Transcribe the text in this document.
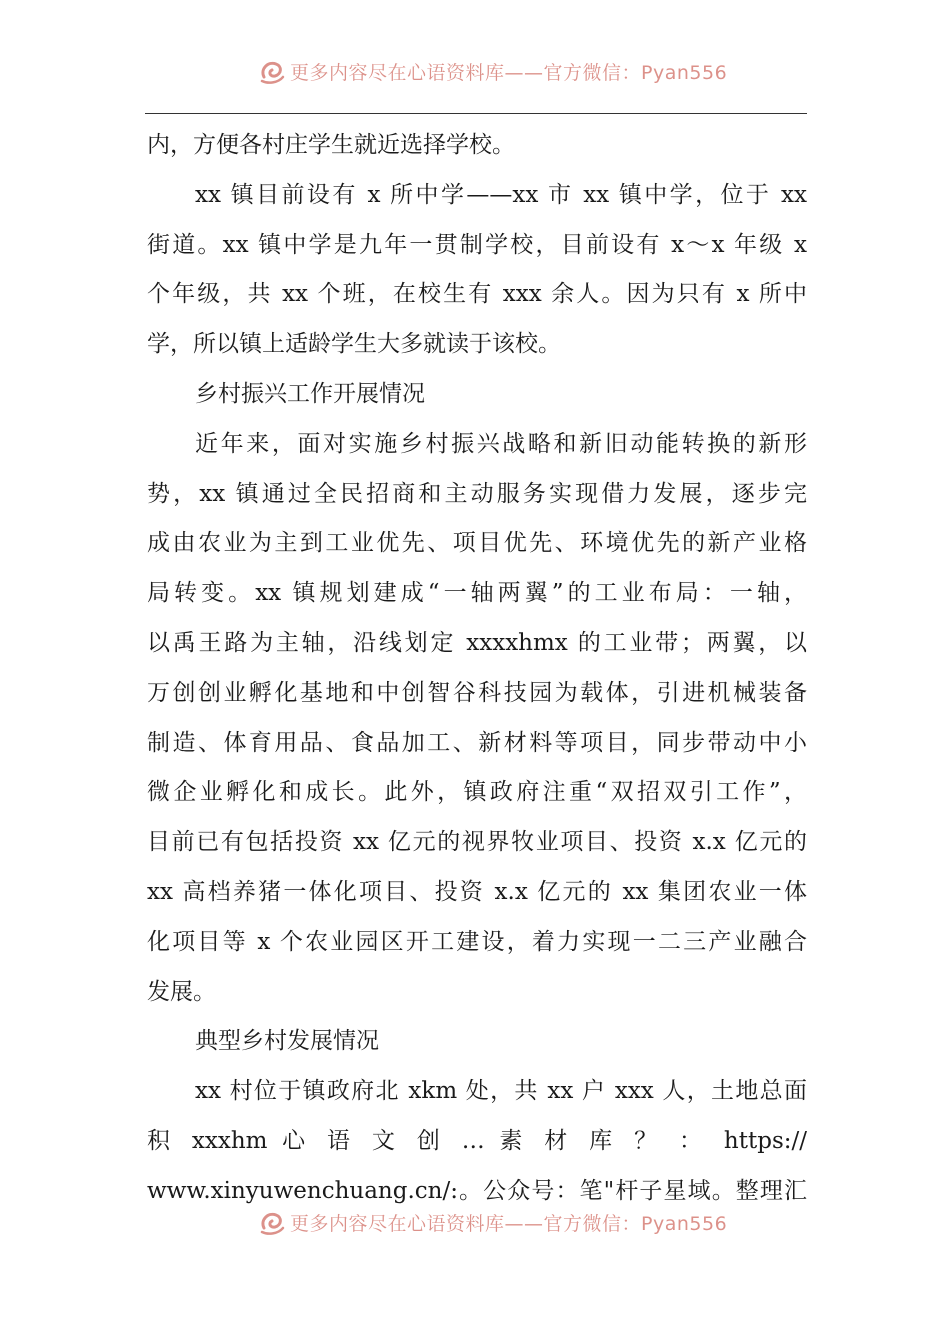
更多内容尽在心语资料库——官方微信：Pyan556
内，方便各村庄学生就近选择学校。
xx 镇目前设有 x 所中学——xx 市 xx 镇中学，位于 xx
街道。xx 镇中学是九年一贯制学校，目前设有 x～x 年级 x
个年级，共 xx 个班，在校生有 xxx 余人。因为只有 x 所中
学，所以镇上适龄学生大多就读于该校。
乡村振兴工作开展情况
近年来，面对实施乡村振兴战略和新旧动能转换的新形
势，xx 镇通过全民招商和主动服务实现借力发展，逐步完
成由农业为主到工业优先、项目优先、环境优先的新产业格
局转变。xx 镇规划建成“一轴两翼”的工业布局：一轴，
以禹王路为主轴，沿线划定 xxxxhmx 的工业带；两翼，以
万创创业孵化基地和中创智谷科技园为载体，引进机械装备
制造、体育用品、食品加工、新材料等项目，同步带动中小
微企业孵化和成长。此外，镇政府注重“双招双引工作”，
目前已有包括投资 xx 亿元的视界牧业项目、投资 x.x 亿元的
xx 高档养猪一体化项目、投资 x.x 亿元的 xx 集团农业一体
化项目等 x 个农业园区开工建设，着力实现一二三产业融合
发展。
典型乡村发展情况
xx 村位于镇政府北 xkm 处，共 xx 户 xxx 人，土地总面
积 xxxhm 心 语 文 创 … 素 材 库 ？ ： https://
www.xinyuwenchuang.cn/:。公众号：笔"杆子星域。整理汇
更多内容尽在心语资料库——官方微信：Pyan556
